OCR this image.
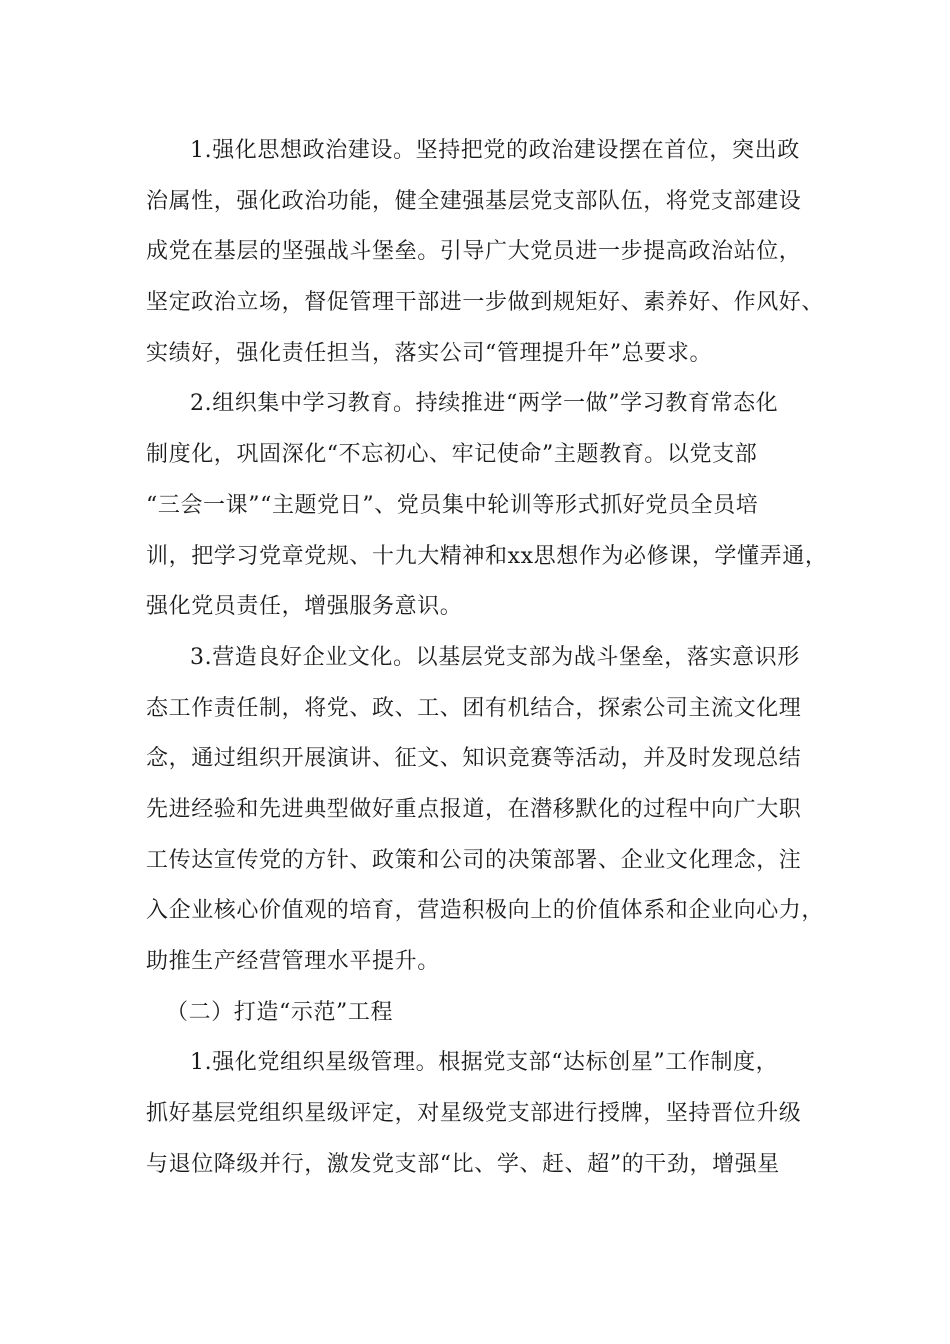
1.强化思想政治建设。坚持把党的政治建设摆在首位，突出政
治属性，强化政治功能，健全建强基层党支部队伍，将党支部建设
成党在基层的坚强战斗堡垒。引导广大党员进一步提高政治站位，
坚定政治立场，督促管理干部进一步做到规矩好、素养好、作风好、
实绩好，强化责任担当，落实公司“管理提升年”总要求。
2.组织集中学习教育。持续推进“两学一做”学习教育常态化
制度化，巩固深化“不忘初心、牢记使命”主题教育。以党支部
“三会一课”“主题党日”、党员集中轮训等形式抓好党员全员培
训，把学习党章党规、十九大精神和xx思想作为必修课，学懂弄通，
强化党员责任，增强服务意识。
3.营造良好企业文化。以基层党支部为战斗堡垒，落实意识形
态工作责任制，将党、政、工、团有机结合，探索公司主流文化理
念，通过组织开展演讲、征文、知识竞赛等活动，并及时发现总结
先进经验和先进典型做好重点报道，在潜移默化的过程中向广大职
工传达宣传党的方针、政策和公司的决策部署、企业文化理念，注
入企业核心价值观的培育，营造积极向上的价值体系和企业向心力，
助推生产经营管理水平提升。
（二）打造“示范”工程
1.强化党组织星级管理。根据党支部“达标创星”工作制度，
抓好基层党组织星级评定，对星级党支部进行授牌，坚持晋位升级
与退位降级并行，激发党支部“比、学、赶、超”的干劲，增强星
